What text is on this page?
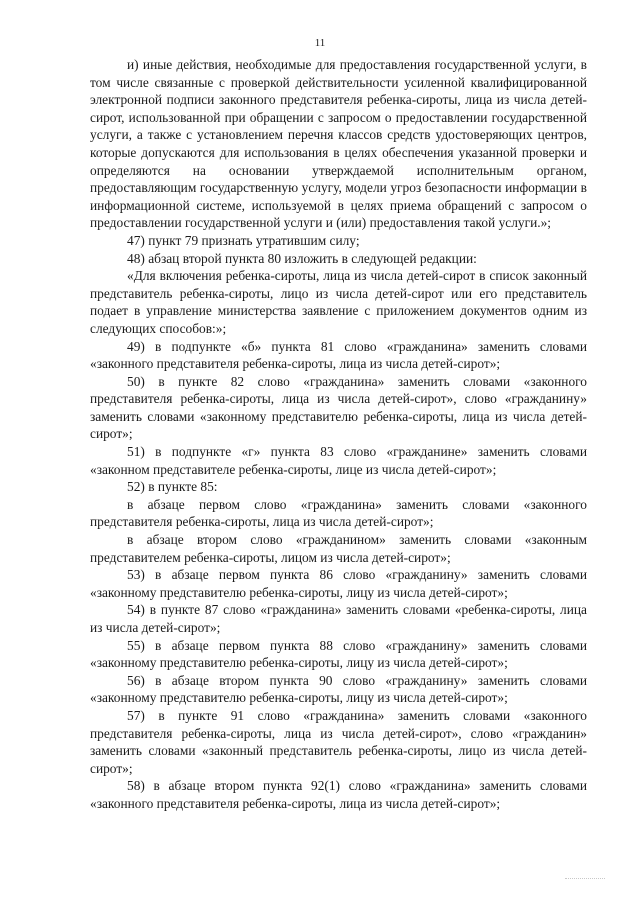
11

и) иные действия, необходимые для предоставления государственной услуги, в том числе связанные с проверкой действительности усиленной квалифицированной электронной подписи законного представителя ребенка-сироты, лица из числа детей-сирот, использованной при обращении с запросом о предоставлении государственной услуги, а также с установлением перечня классов средств удостоверяющих центров, которые допускаются для использования в целях обеспечения указанной проверки и определяются на основании утверждаемой исполнительным органом, предоставляющим государственную услугу, модели угроз безопасности информации в информационной системе, используемой в целях приема обращений с запросом о предоставлении государственной услуги и (или) предоставления такой услуги.»;

47) пункт 79 признать утратившим силу;

48) абзац второй пункта 80 изложить в следующей редакции:

«Для включения ребенка-сироты, лица из числа детей-сирот в список законный представитель ребенка-сироты, лицо из числа детей-сирот или его представитель подает в управление министерства заявление с приложением документов одним из следующих способов:»;

49) в подпункте «б» пункта 81 слово «гражданина» заменить словами «законного представителя ребенка-сироты, лица из числа детей-сирот»;

50) в пункте 82 слово «гражданина» заменить словами «законного представителя ребенка-сироты, лица из числа детей-сирот», слово «гражданину» заменить словами «законному представителю ребенка-сироты, лица из числа детей-сирот»;

51) в подпункте «г» пункта 83 слово «гражданине» заменить словами «законном представителе ребенка-сироты, лице из числа детей-сирот»;

52) в пункте 85:

в абзаце первом слово «гражданина» заменить словами «законного представителя ребенка-сироты, лица из числа детей-сирот»;

в абзаце втором слово «гражданином» заменить словами «законным представителем ребенка-сироты, лицом из числа детей-сирот»;

53) в абзаце первом пункта 86 слово «гражданину» заменить словами «законному представителю ребенка-сироты, лицу из числа детей-сирот»;

54) в пункте 87 слово «гражданина» заменить словами «ребенка-сироты, лица из числа детей-сирот»;

55) в абзаце первом пункта 88 слово «гражданину» заменить словами «законному представителю ребенка-сироты, лицу из числа детей-сирот»;

56) в абзаце втором пункта 90 слово «гражданину» заменить словами «законному представителю ребенка-сироты, лицу из числа детей-сирот»;

57) в пункте 91 слово «гражданина» заменить словами «законного представителя ребенка-сироты, лица из числа детей-сирот», слово «гражданин» заменить словами «законный представитель ребенка-сироты, лицо из числа детей-сирот»;

58) в абзаце втором пункта 92(1) слово «гражданина» заменить словами «законного представителя ребенка-сироты, лица из числа детей-сирот»;
